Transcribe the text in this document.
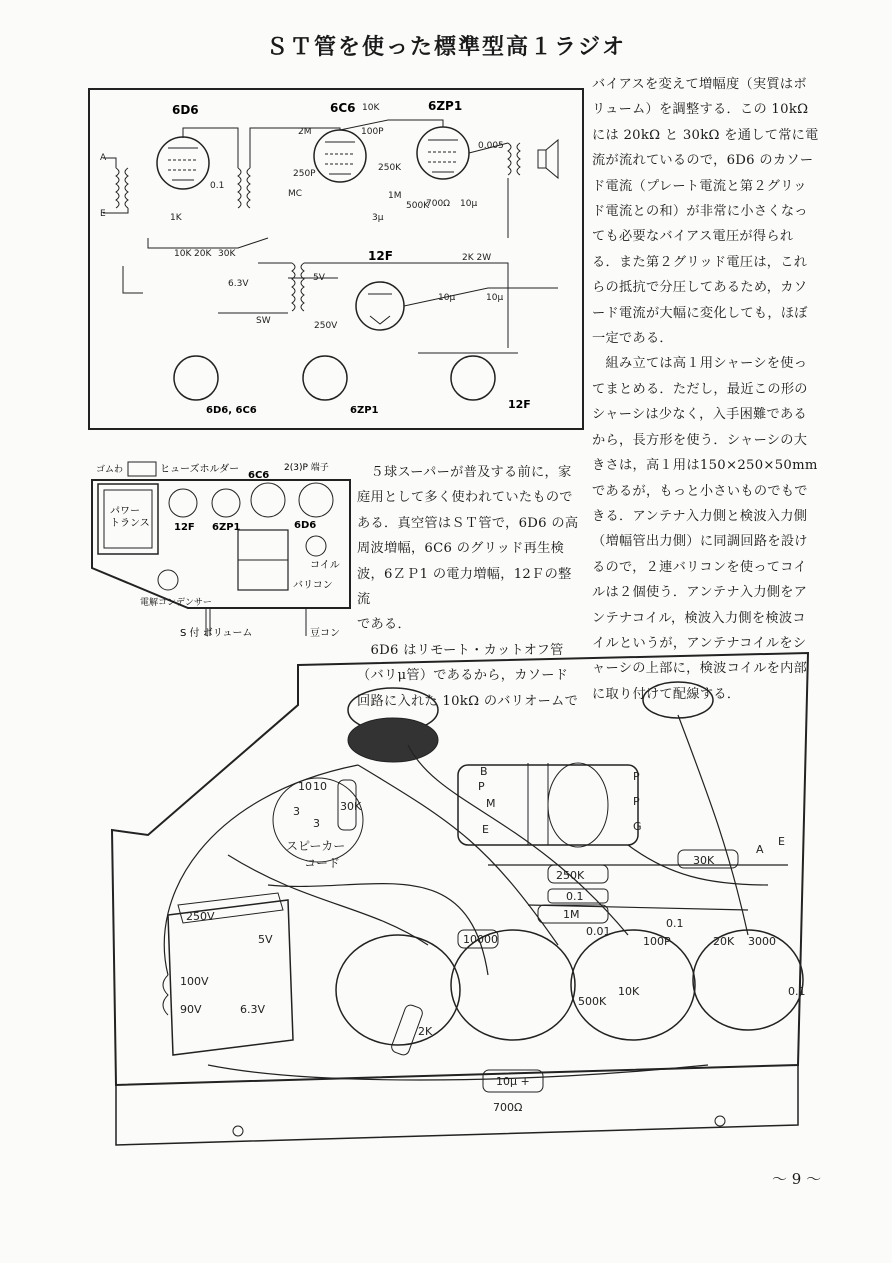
ＳＴ管を使った標準型高１ラジオ
6D6	6C6	6ZP1
12F
A
E
10K
100P
2M
250P
MC
0.1
0.005
250K
1M
500K
700Ω 10μ
3μ
1K
10K 20K 30K	2K 2W
6.3V
5V
250V
10μ	10μ
SW
6D6, 6C6	6ZP1	12F

バイアスを変えて増幅度（実質はボ

リューム）を調整する．この 10kΩ

には 20kΩ と 30kΩ を通して常に電

流が流れているので，6D6 のカソー

ド電流（プレート電流と第２グリッ

ド電流との和）が非常に小さくなっ

ても必要なバイアス電圧が得られ

る．また第２グリッド電圧は，これ

らの抵抗で分圧してあるため，カソ

ード電流が大幅に変化しても，ほぼ

一定である．

　組み立ては高１用シャーシを使っ

てまとめる．ただし，最近この形の

シャーシは少なく，入手困難である

から，長方形を使う．シャーシの大

きさは，高１用は150×250×50mm

であるが，もっと小さいものでもで

きる．アンテナ入力側と検波入力側

（増幅管出力側）に同調回路を設け

るので，２連バリコンを使ってコイ

ルは２個使う．アンテナ入力側をア

ンテナコイル，検波入力側を検波コ

イルというが，アンテナコイルをシ

ャーシの上部に，検波コイルを内部

に取り付けて配線する．

ゴムわ	ヒューズホルダー	2(3)P 端子
パワートランス 12F 6ZP1
6C6
6D6
コイル
バリコン
電解コンデンサー
S 付 ボリューム	豆コン

　５球スーパーが普及する前に，家

庭用として多く使われていたもので

ある．真空管はＳＴ管で，6D6 の高

周波増幅，6C6 のグリッド再生検

波，6ＺＰ1 の電力増幅，12Ｆの整流

である．

　6D6 はリモート・カットオフ管

（バリμ管）であるから，カソード

回路に入れた 10kΩ のバリオームで

P
M
E
B	P
P
G
10 10
3
3
30K
スピーカー
コード
250K
0.1
1M
0.01
30K
0.1
100P	20K 3000
10000
2K
500K
10K	0.1
10μ +
700Ω
250V
5V
100V
90V	6.3V
A
E
～ 9 ～
